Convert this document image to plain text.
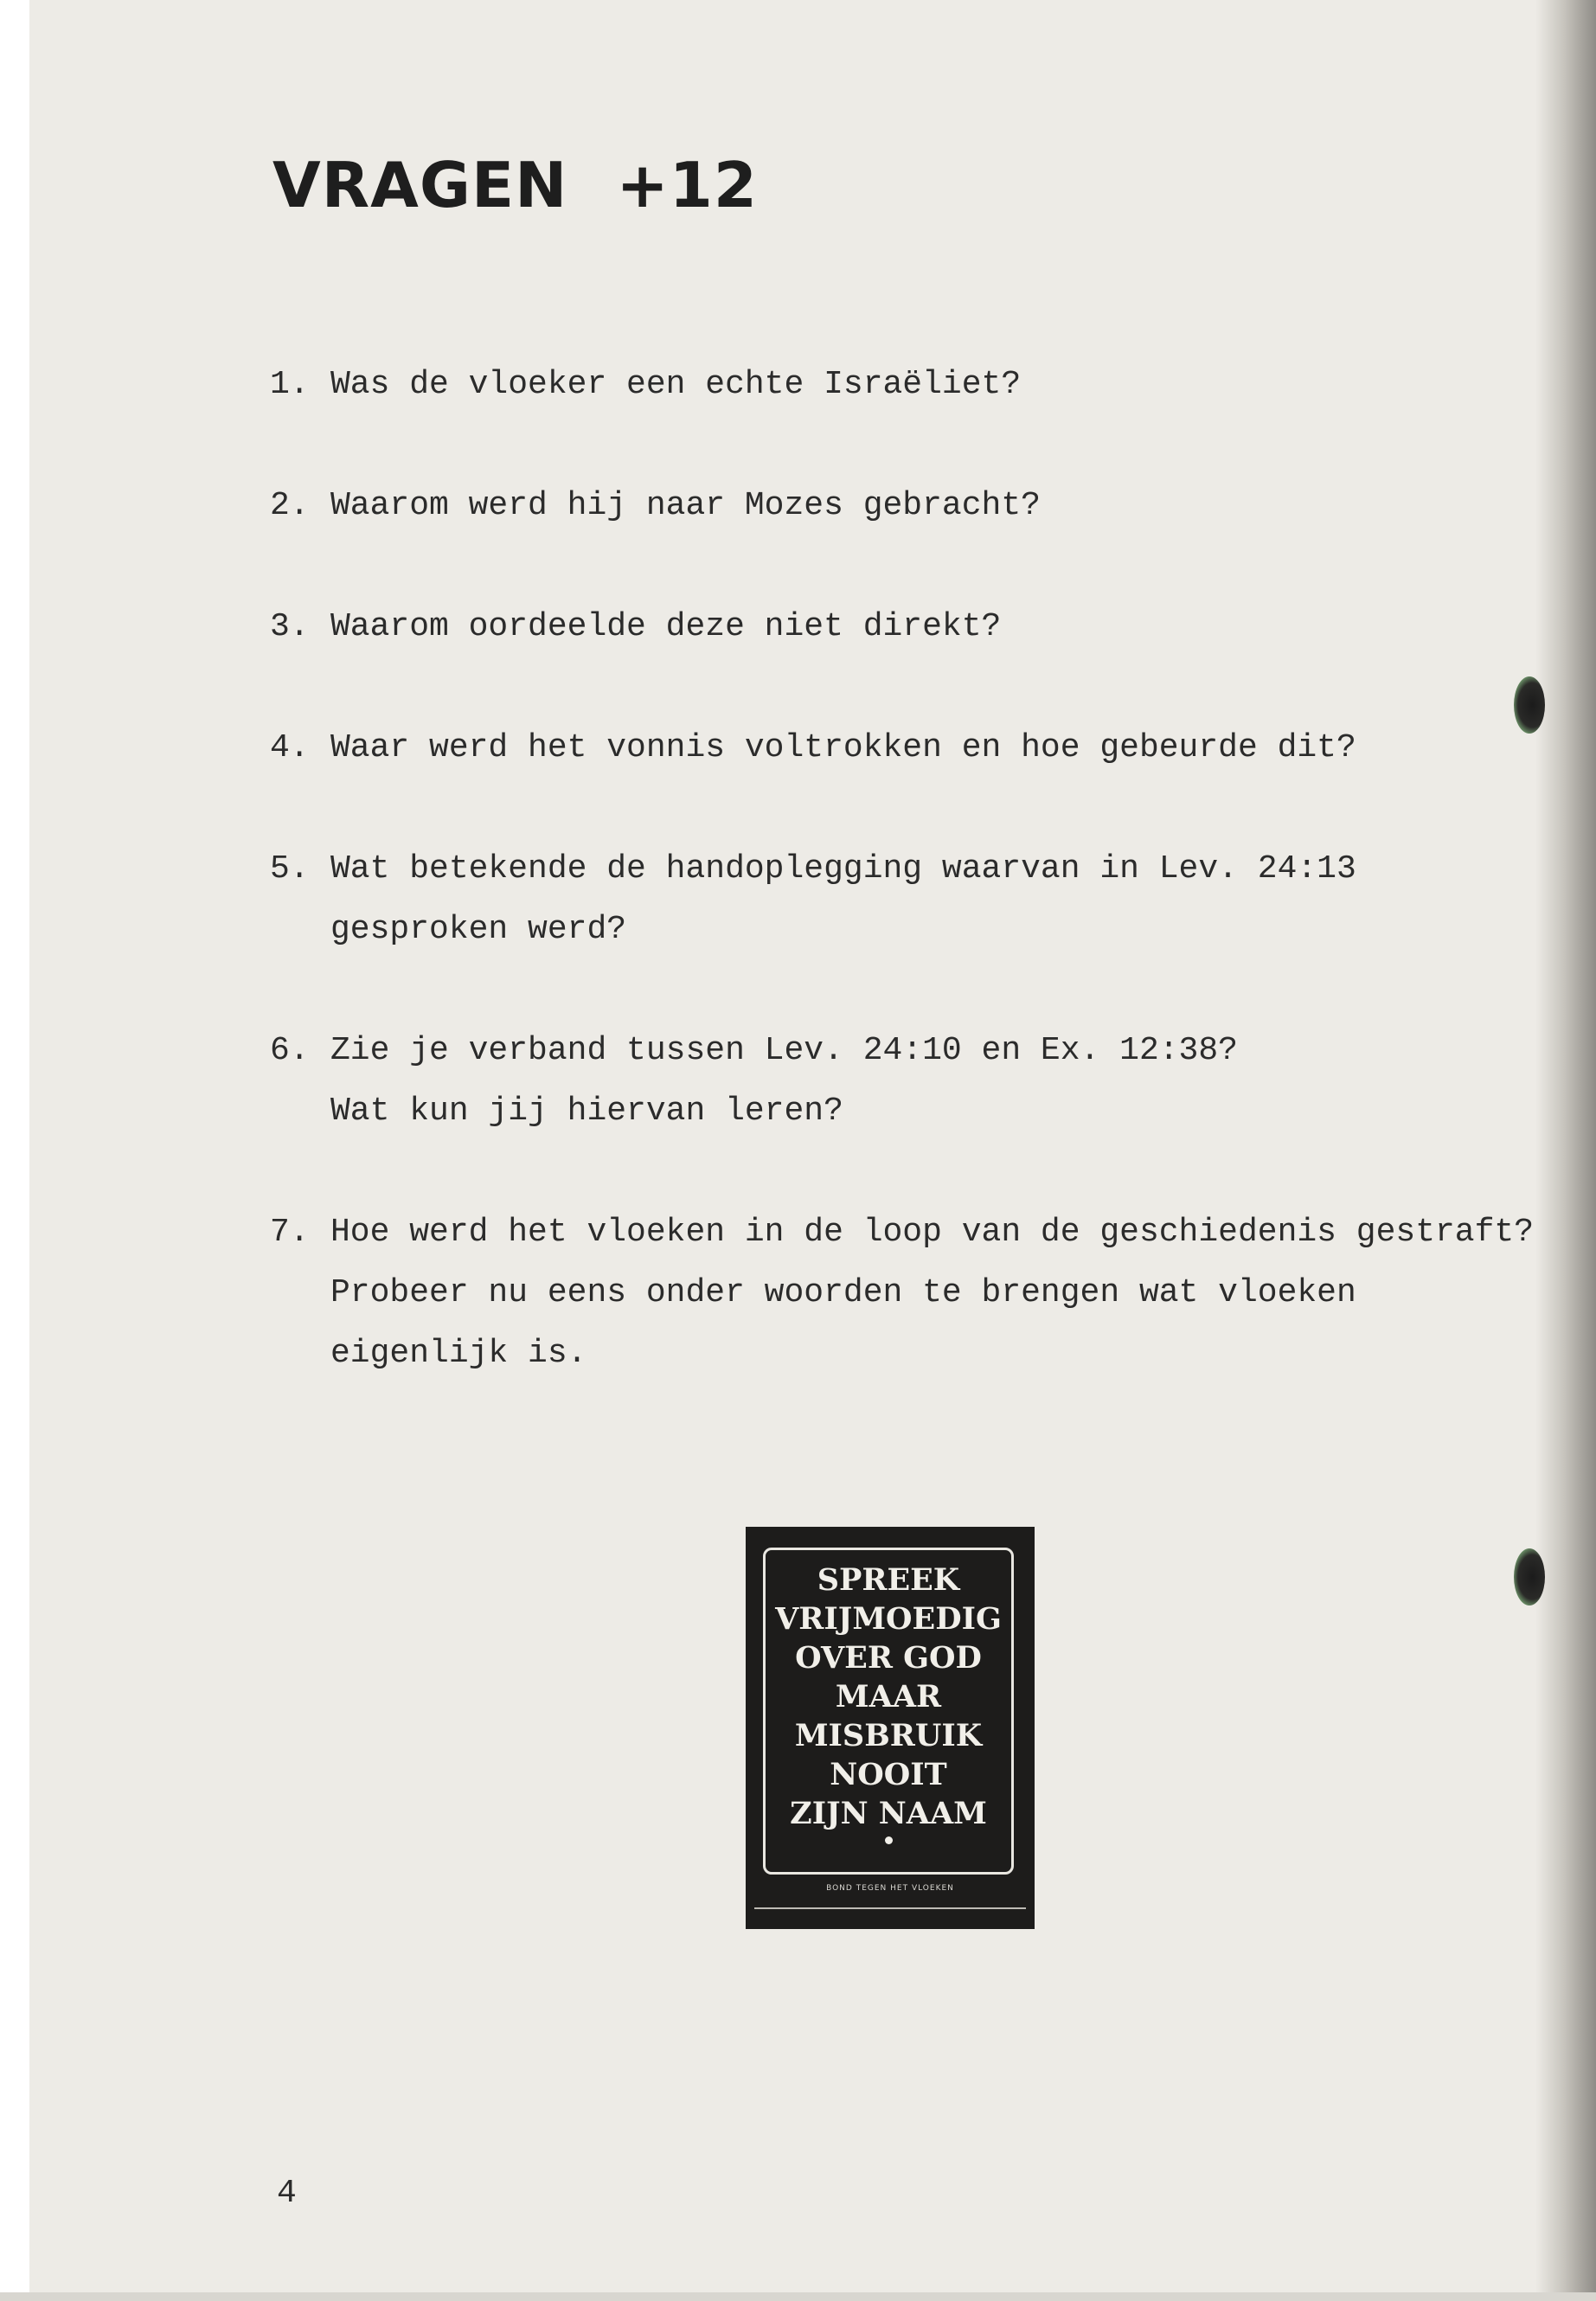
VRAGEN +12
1. Was de vloeker een echte Israëliet?
2. Waarom werd hij naar Mozes gebracht?
3. Waarom oordeelde deze niet direkt?
4. Waar werd het vonnis voltrokken en hoe gebeurde dit?
5. Wat betekende de handoplegging waarvan in Lev. 24:13
gesproken werd?
6. Zie je verband tussen Lev. 24:10 en Ex. 12:38?
Wat kun jij hiervan leren?
7. Hoe werd het vloeken in de loop van de geschiedenis gestraft?
Probeer nu eens onder woorden te brengen wat vloeken
eigenlijk is.
SPREEK
VRIJMOEDIG
OVER GOD
MAAR
MISBRUIK
NOOIT
ZIJN NAAM
BOND TEGEN HET VLOEKEN
4
